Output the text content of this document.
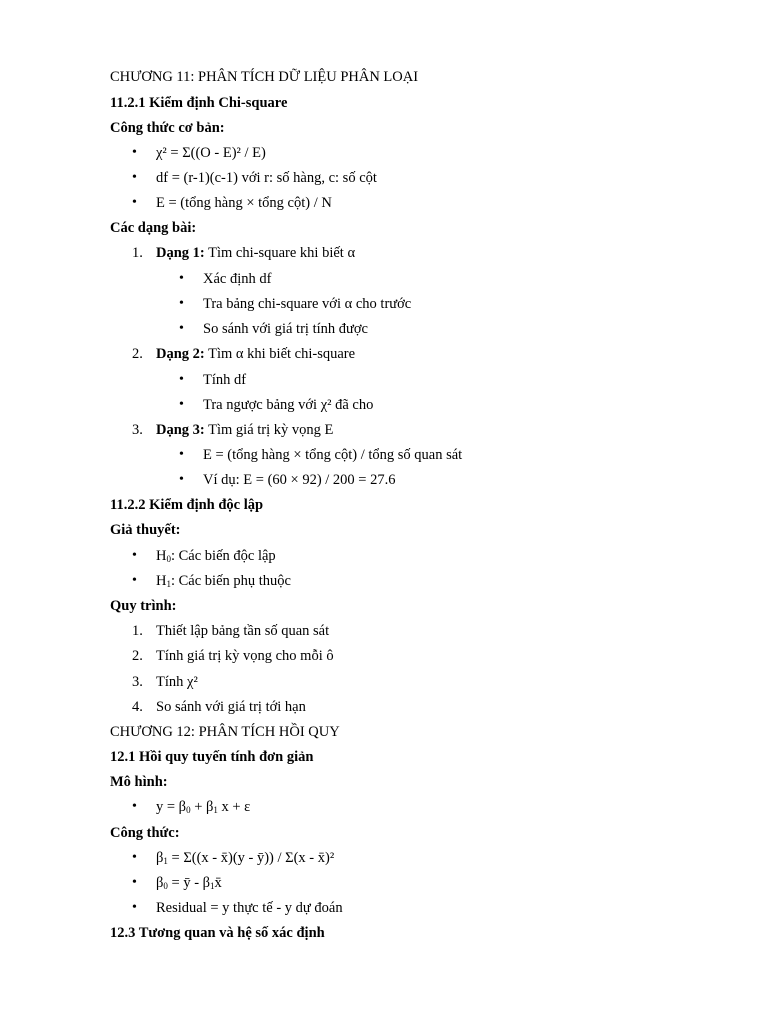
CHƯƠNG 11: PHÂN TÍCH DỮ LIỆU PHÂN LOẠI
11.2.1 Kiểm định Chi-square
Công thức cơ bản:
• χ² = Σ((O - E)² / E)
• df = (r-1)(c-1) với r: số hàng, c: số cột
• E = (tổng hàng × tổng cột) / N
Các dạng bài:
1. Dạng 1: Tìm chi-square khi biết α
• Xác định df
• Tra bảng chi-square với α cho trước
• So sánh với giá trị tính được
2. Dạng 2: Tìm α khi biết chi-square
• Tính df
• Tra ngược bảng với χ² đã cho
3. Dạng 3: Tìm giá trị kỳ vọng E
• E = (tổng hàng × tổng cột) / tổng số quan sát
• Ví dụ: E = (60 × 92) / 200 = 27.6
11.2.2 Kiểm định độc lập
Giả thuyết:
• $H_0$: Các biến độc lập
• $H_1$: Các biến phụ thuộc
Quy trình:
1. Thiết lập bảng tần số quan sát
2. Tính giá trị kỳ vọng cho mỗi ô
3. Tính χ²
4. So sánh với giá trị tới hạn
CHƯƠNG 12: PHÂN TÍCH HỒI QUY
12.1 Hồi quy tuyến tính đơn giản
Mô hình:
• $y = \beta_0 + \beta_1$ x + ε
Công thức:
• $\beta_1 = \Sigma((x$ - x̄)(y - ȳ)) / Σ(x - x̄)²
• $\beta_0$ = ȳ - $\beta_1x̄$
• Residual = y thực tế - y dự đoán
12.3 Tương quan và hệ số xác định
